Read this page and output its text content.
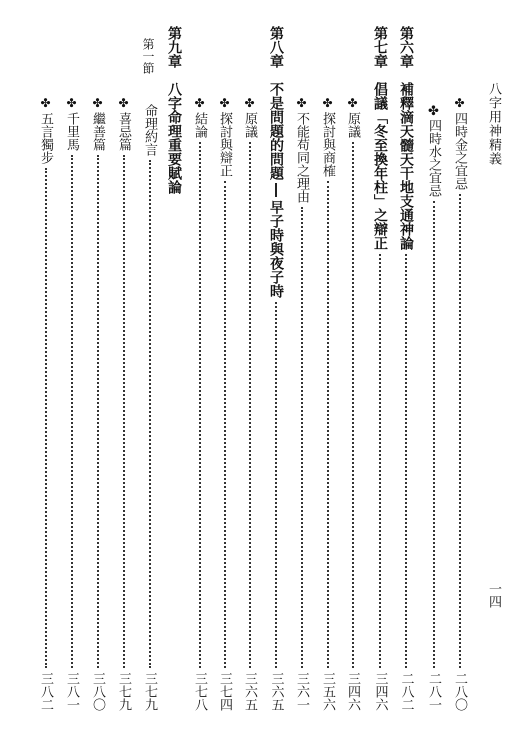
八字用神精義
一四
✤
四時金之宜忌
二八〇
✤四時水之宜忌
二八一
第六章
補釋滴天髓天干地支通神論
二八二
第七章
倡議「冬至換年柱」之辯正
三四六
✤
原議
三四六
✤
探討與商榷
三五六
✤
不能苟同之理由
三六一
第八章
不是問題的問題
早子時與夜子時
三六五
✤
原議
三六五
✤
探討與辯正
三七四
✤
結論
三七八
第九章
八字命理重要賦論
第一節
命理約言
三七九
✤
喜忌篇
三七九
✤
繼善篇
三八〇
✤
千里馬
三八一
✤
五言獨步
三八二
